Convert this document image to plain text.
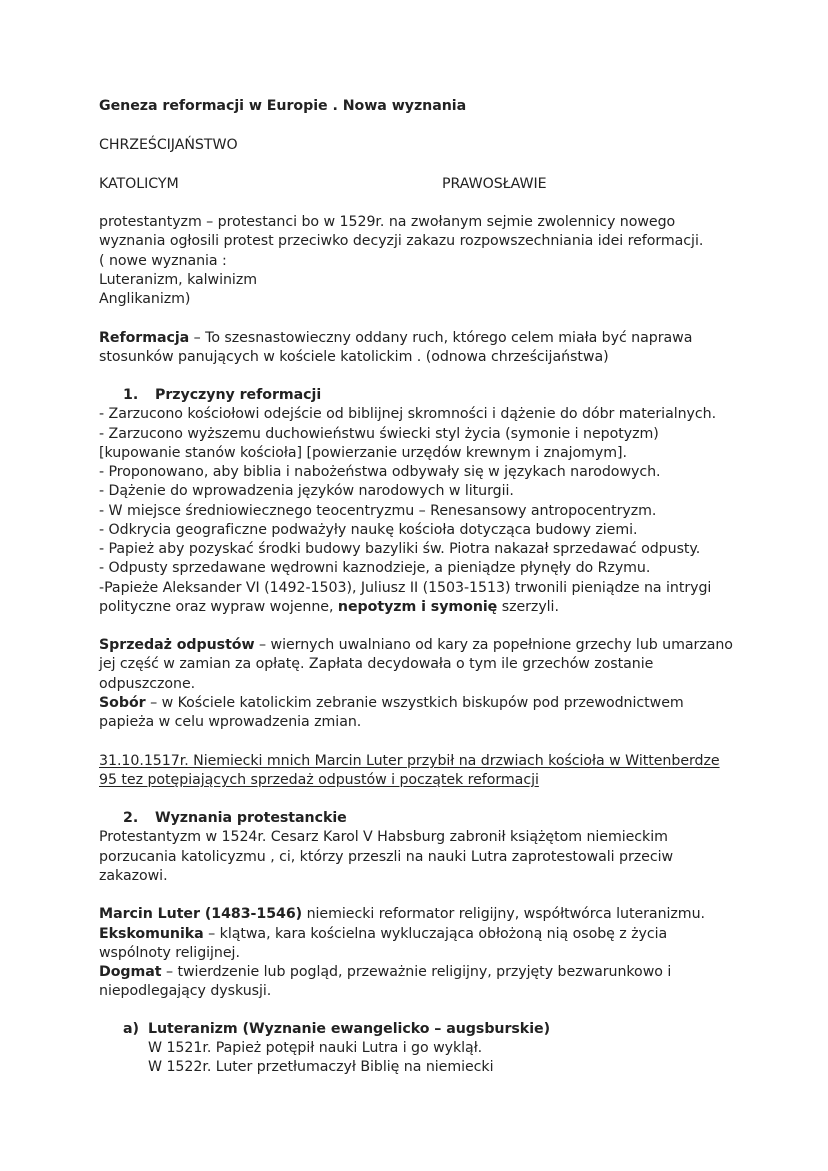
Geneza reformacji w Europie . Nowa wyznania
CHRZEŚCIJAŃSTWO
KATOLICYM	PRAWOSŁAWIE
protestantyzm – protestanci bo w 1529r. na zwołanym sejmie zwolennicy nowego
wyznania ogłosili protest przeciwko decyzji zakazu rozpowszechniania idei reformacji.
( nowe wyznania :
Luteranizm, kalwinizm
Anglikanizm)
Reformacja – To szesnastowieczny oddany ruch, którego celem miała być naprawa
stosunków panujących w kościele katolickim . (odnowa chrześcijaństwa)
1. Przyczyny reformacji
- Zarzucono kościołowi odejście od biblijnej skromności i dążenie do dóbr materialnych.
- Zarzucono wyższemu duchowieństwu świecki styl życia (symonie i nepotyzm)
[kupowanie stanów kościoła] [powierzanie urzędów krewnym i znajomym].
- Proponowano, aby biblia i nabożeństwa odbywały się w językach narodowych.
- Dążenie do wprowadzenia języków narodowych w liturgii.
- W miejsce średniowiecznego teocentryzmu – Renesansowy antropocentryzm.
- Odkrycia geograficzne podważyły naukę kościoła dotycząca budowy ziemi.
- Papież aby pozyskać środki budowy bazyliki św. Piotra nakazał sprzedawać odpusty.
- Odpusty sprzedawane wędrowni kaznodzieje, a pieniądze płynęły do Rzymu.
-Papieże Aleksander VI (1492-1503), Juliusz II (1503-1513) trwonili pieniądze na intrygi
polityczne oraz wypraw wojenne, nepotyzm i symonię szerzyli.
Sprzedaż odpustów – wiernych uwalniano od kary za popełnione grzechy lub umarzano
jej część w zamian za opłatę. Zapłata decydowała o tym ile grzechów zostanie
odpuszczone.
Sobór – w Kościele katolickim zebranie wszystkich biskupów pod przewodnictwem
papieża w celu wprowadzenia zmian.
31.10.1517r. Niemiecki mnich Marcin Luter przybił na drzwiach kościoła w Wittenberdze
95 tez potępiających sprzedaż odpustów i początek reformacji
2. Wyznania protestanckie
Protestantyzm w 1524r. Cesarz Karol V Habsburg zabronił książętom niemieckim
porzucania katolicyzmu , ci, którzy przeszli na nauki Lutra zaprotestowali przeciw
zakazowi.
Marcin Luter (1483-1546) niemiecki reformator religijny, współtwórca luteranizmu.
Ekskomunika – klątwa, kara kościelna wykluczająca obłożoną nią osobę z życia
wspólnoty religijnej.
Dogmat – twierdzenie lub pogląd, przeważnie religijny, przyjęty bezwarunkowo i
niepodlegający dyskusji.
a) Luteranizm (Wyznanie ewangelicko – augsburskie)
W 1521r. Papież potępił nauki Lutra i go wyklął.
W 1522r. Luter przetłumaczył Biblię na niemiecki
